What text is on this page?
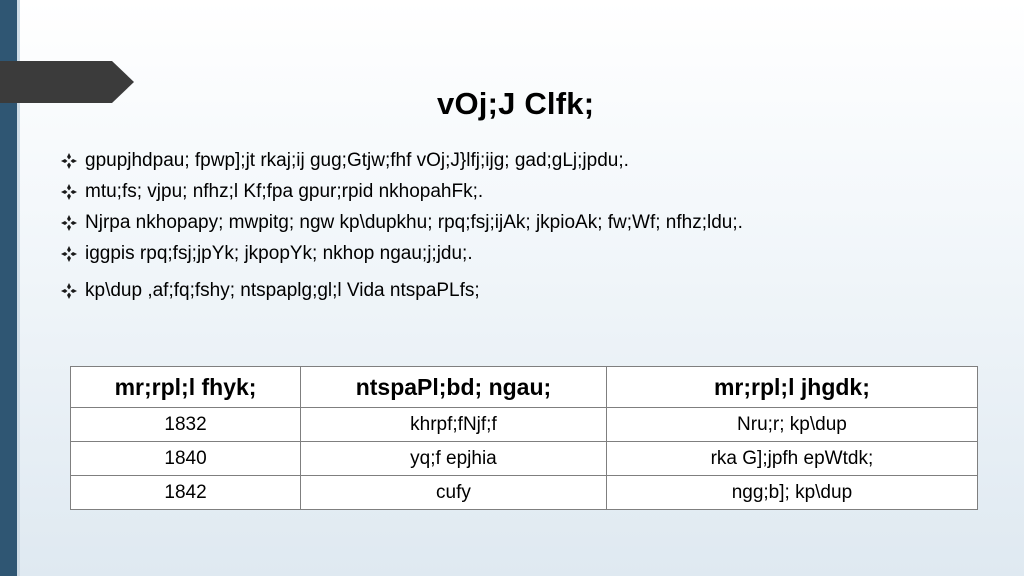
vOj;J Clfk;
gpupjhdpau; fpwp];jt rkaj;ij gug;Gtjw;fhf vOj;J}lfj;ijg; gad;gLj;jpdu;.
mtu;fs; vjpu; nfhz;l Kf;fpa gpur;rpid nkhopahFk;.
Njrpa nkhopapy; mwpitg; ngw kp\dupkhu; rpq;fsj;ijAk; jkpioAk; fw;Wf; nfhz;ldu;.
iggpis rpq;fsj;jpYk; jkpopYk; nkhop ngau;j;jdu;.
kp\dup ,af;fq;fshy; ntspaplg;gl;l Vida ntspaPLfs;
mr;rpl;l fhyk;	ntspaPl;bd; ngau;	mr;rpl;l jhgdk;
1832	khrpf;fNjf;f	Nru;r; kp\dup
1840	yq;f epjhia	rka G];jpfh epWtdk;
1842	cufy	ngg;b]; kp\dup
